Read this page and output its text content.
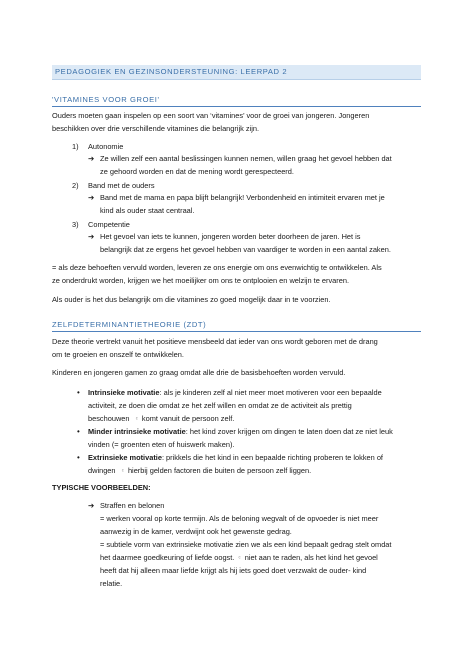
PEDAGOGIEK EN GEZINSONDERSTEUNING: LEERPAD 2
'VITAMINES VOOR GROEI'

Ouders moeten gaan inspelen op een soort van ‘vitamines’ voor de groei van jongeren. Jongeren

beschikken over drie verschillende vitamines die belangrijk zijn.

1) Autonomie
➔ Ze willen zelf een aantal beslissingen kunnen nemen, willen graag het gevoel hebben dat

ze gehoord worden en dat de mening wordt gerespecteerd.

2) Band met de ouders
➔ Band met de mama en papa blijft belangrijk! Verbondenheid en intimiteit ervaren met je

kind als ouder staat centraal.

3) Competentie
➔ Het gevoel van iets te kunnen, jongeren worden beter doorheen de jaren. Het is

belangrijk dat ze ergens het gevoel hebben van vaardiger te worden in een aantal zaken.

= als deze behoeften vervuld worden, leveren ze ons energie om ons evenwichtig te ontwikkelen. Als

ze onderdrukt worden, krijgen we het moeilijker om ons te ontplooien en welzijn te ervaren.

Als ouder is het dus belangrijk om die vitamines zo goed mogelijk daar in te voorzien.

ZELFDETERMINANTIETHEORIE (ZDT)

Deze theorie vertrekt vanuit het positieve mensbeeld dat ieder van ons wordt geboren met de drang

om te groeien en onszelf te ontwikkelen.

Kinderen en jongeren gamen zo graag omdat alle drie de basisbehoeften worden vervuld.

• Intrinsieke motivatie: als je kinderen zelf al niet meer moet motiveren voor een bepaalde

activiteit, ze doen die omdat ze het zelf willen en omdat ze de activiteit als prettig

beschouwen ᶜ komt vanuit de persoon zelf.

• Minder intrinsieke motivatie: het kind zover krijgen om dingen te laten doen dat ze niet leuk

vinden (= groenten eten of huiswerk maken).

• Extrinsieke motivatie: prikkels die het kind in een bepaalde richting proberen te lokken of

dwingen ᶜ hierbij gelden factoren die buiten de persoon zelf liggen.

TYPISCHE VOORBEELDEN:

➔ Straffen en belonen

= werken vooral op korte termijn. Als de beloning wegvalt of de opvoeder is niet meer

aanwezig in de kamer, verdwijnt ook het gewenste gedrag.

= subtiele vorm van extrinsieke motivatie zien we als een kind bepaalt gedrag stelt omdat

het daarmee goedkeuring of liefde oogst. ᶜ niet aan te raden, als het kind het gevoel

heeft dat hij alleen maar liefde krijgt als hij iets goed doet verzwakt de ouder- kind

relatie.
